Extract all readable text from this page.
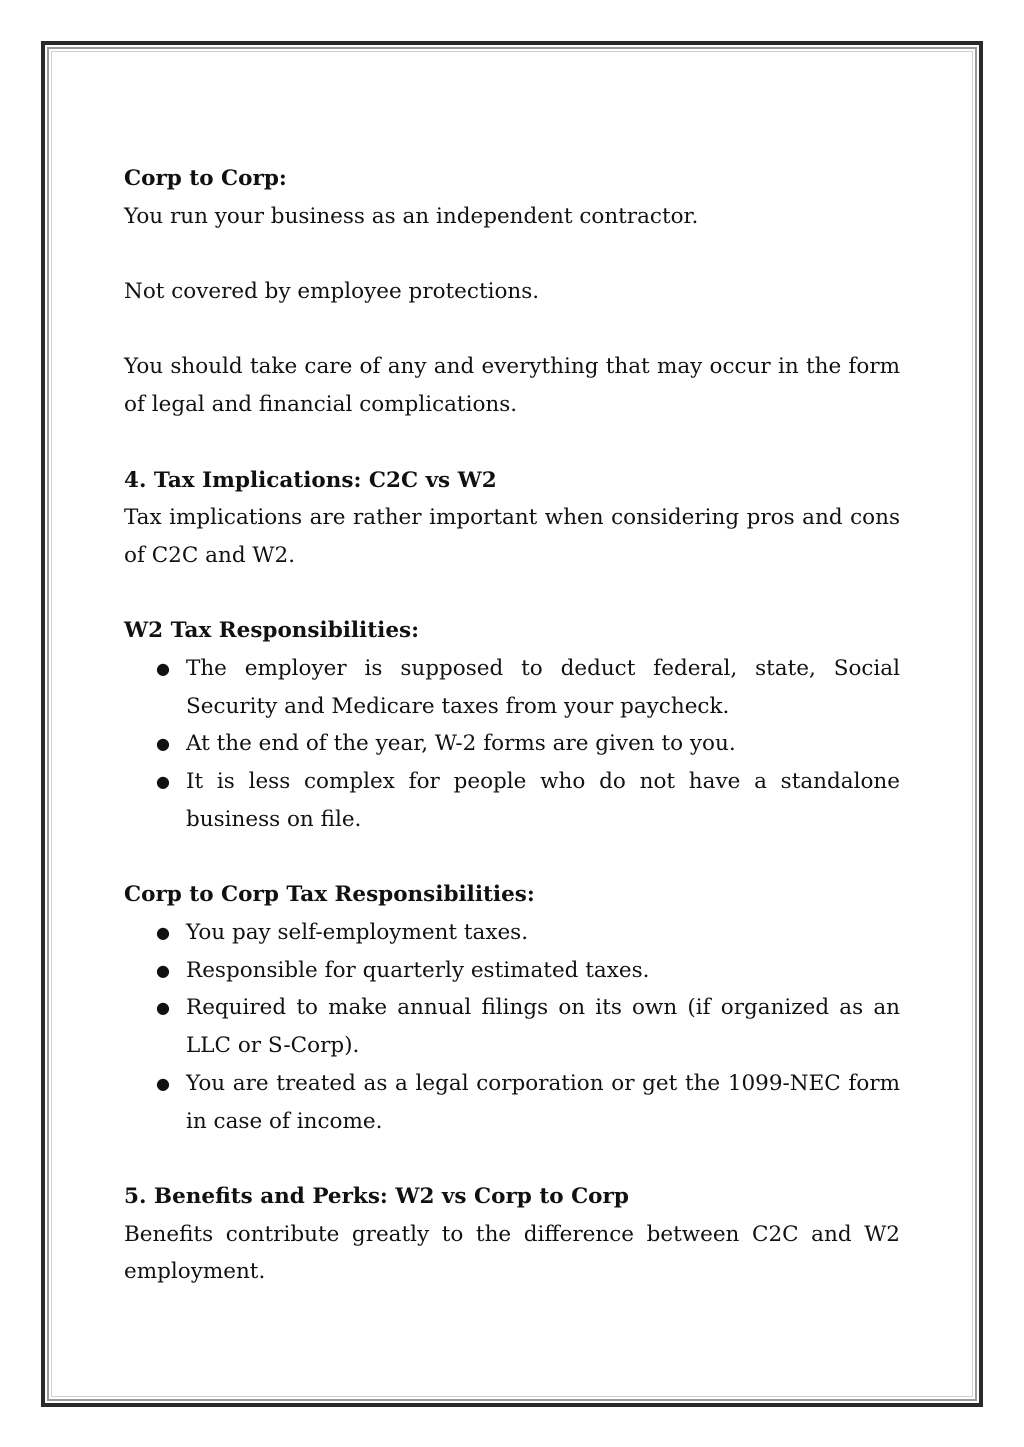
Corp to Corp:

You run your business as an independent contractor.

Not covered by employee protections.

You should take care of any and everything that may occur in the form of legal and financial complications.

4. Tax Implications: C2C vs W2

Tax implications are rather important when considering pros and cons of C2C and W2.

W2 Tax Responsibilities:

● The employer is supposed to deduct federal, state, Social Security and Medicare taxes from your paycheck.
● At the end of the year, W-2 forms are given to you.
● It is less complex for people who do not have a standalone business on file.

Corp to Corp Tax Responsibilities:

● You pay self-employment taxes.
● Responsible for quarterly estimated taxes.
● Required to make annual filings on its own (if organized as an LLC or S-Corp).
● You are treated as a legal corporation or get the 1099-NEC form in case of income.

5. Benefits and Perks: W2 vs Corp to Corp

Benefits contribute greatly to the difference between C2C and W2 employment.
